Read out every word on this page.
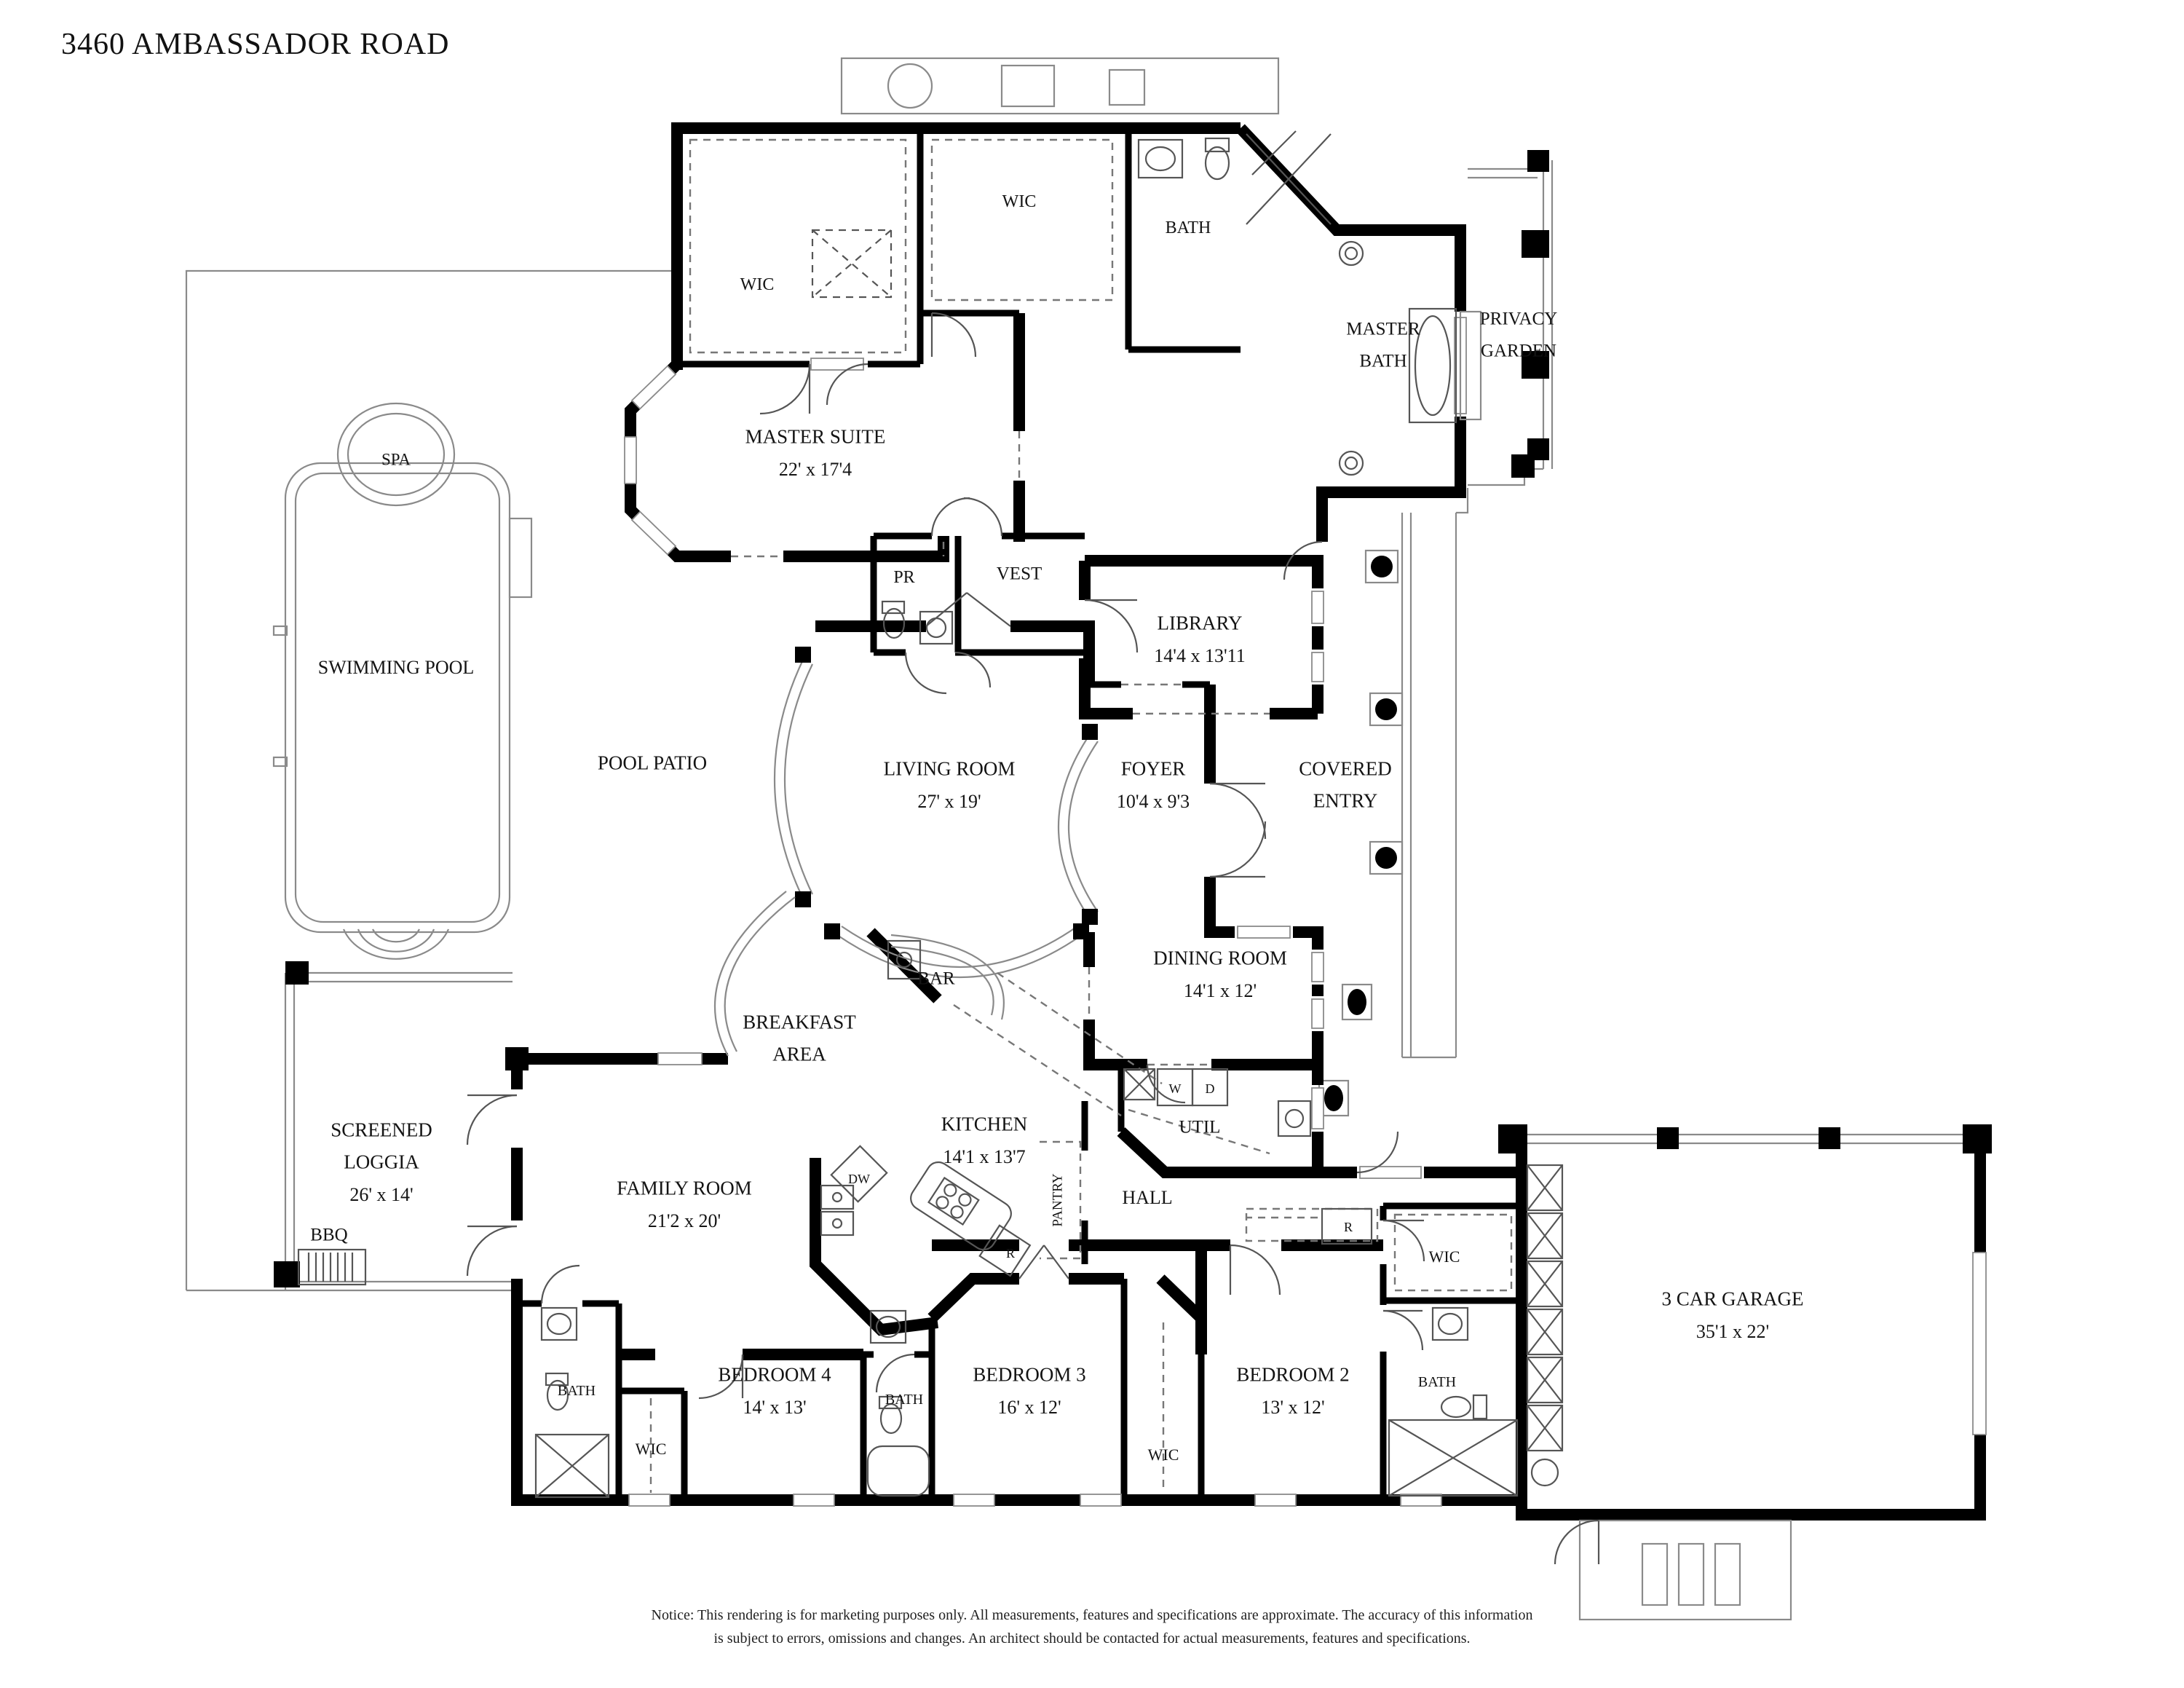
3460 AMBASSADOR ROAD
WIC
WIC
BATH
MASTER
BATH
PRIVACY
GARDEN
MASTER SUITE
22' x 17'4
SPA
SWIMMING POOL
POOL PATIO
PR	VEST
LIBRARY
14'4 x 13'11
LIVING ROOM
27' x 19'
FOYER
10'4 x 9'3
COVERED
ENTRY
DINING ROOM
14'1 x 12'
BAR
BREAKFAST
AREA
W	D
UTIL
SCREENED
LOGGIA
26' x 14'	FAMILY ROOM
21'2 x 20'
KITCHEN
14'1 x 13'7
DW	PANTRY	HALL
BBQ
R
R
WIC
3 CAR GARAGE
35'1 x 22'
BATH
BEDROOM 4
14' x 13'	BATH
BEDROOM 3
16' x 12'
WIC	WIC
BEDROOM 2
13' x 12'
BATH
Notice: This rendering is for marketing purposes only. All measurements, features and specifications are approximate. The accuracy of this information
is subject to errors, omissions and changes. An architect should be contacted for actual measurements, features and specifications.
